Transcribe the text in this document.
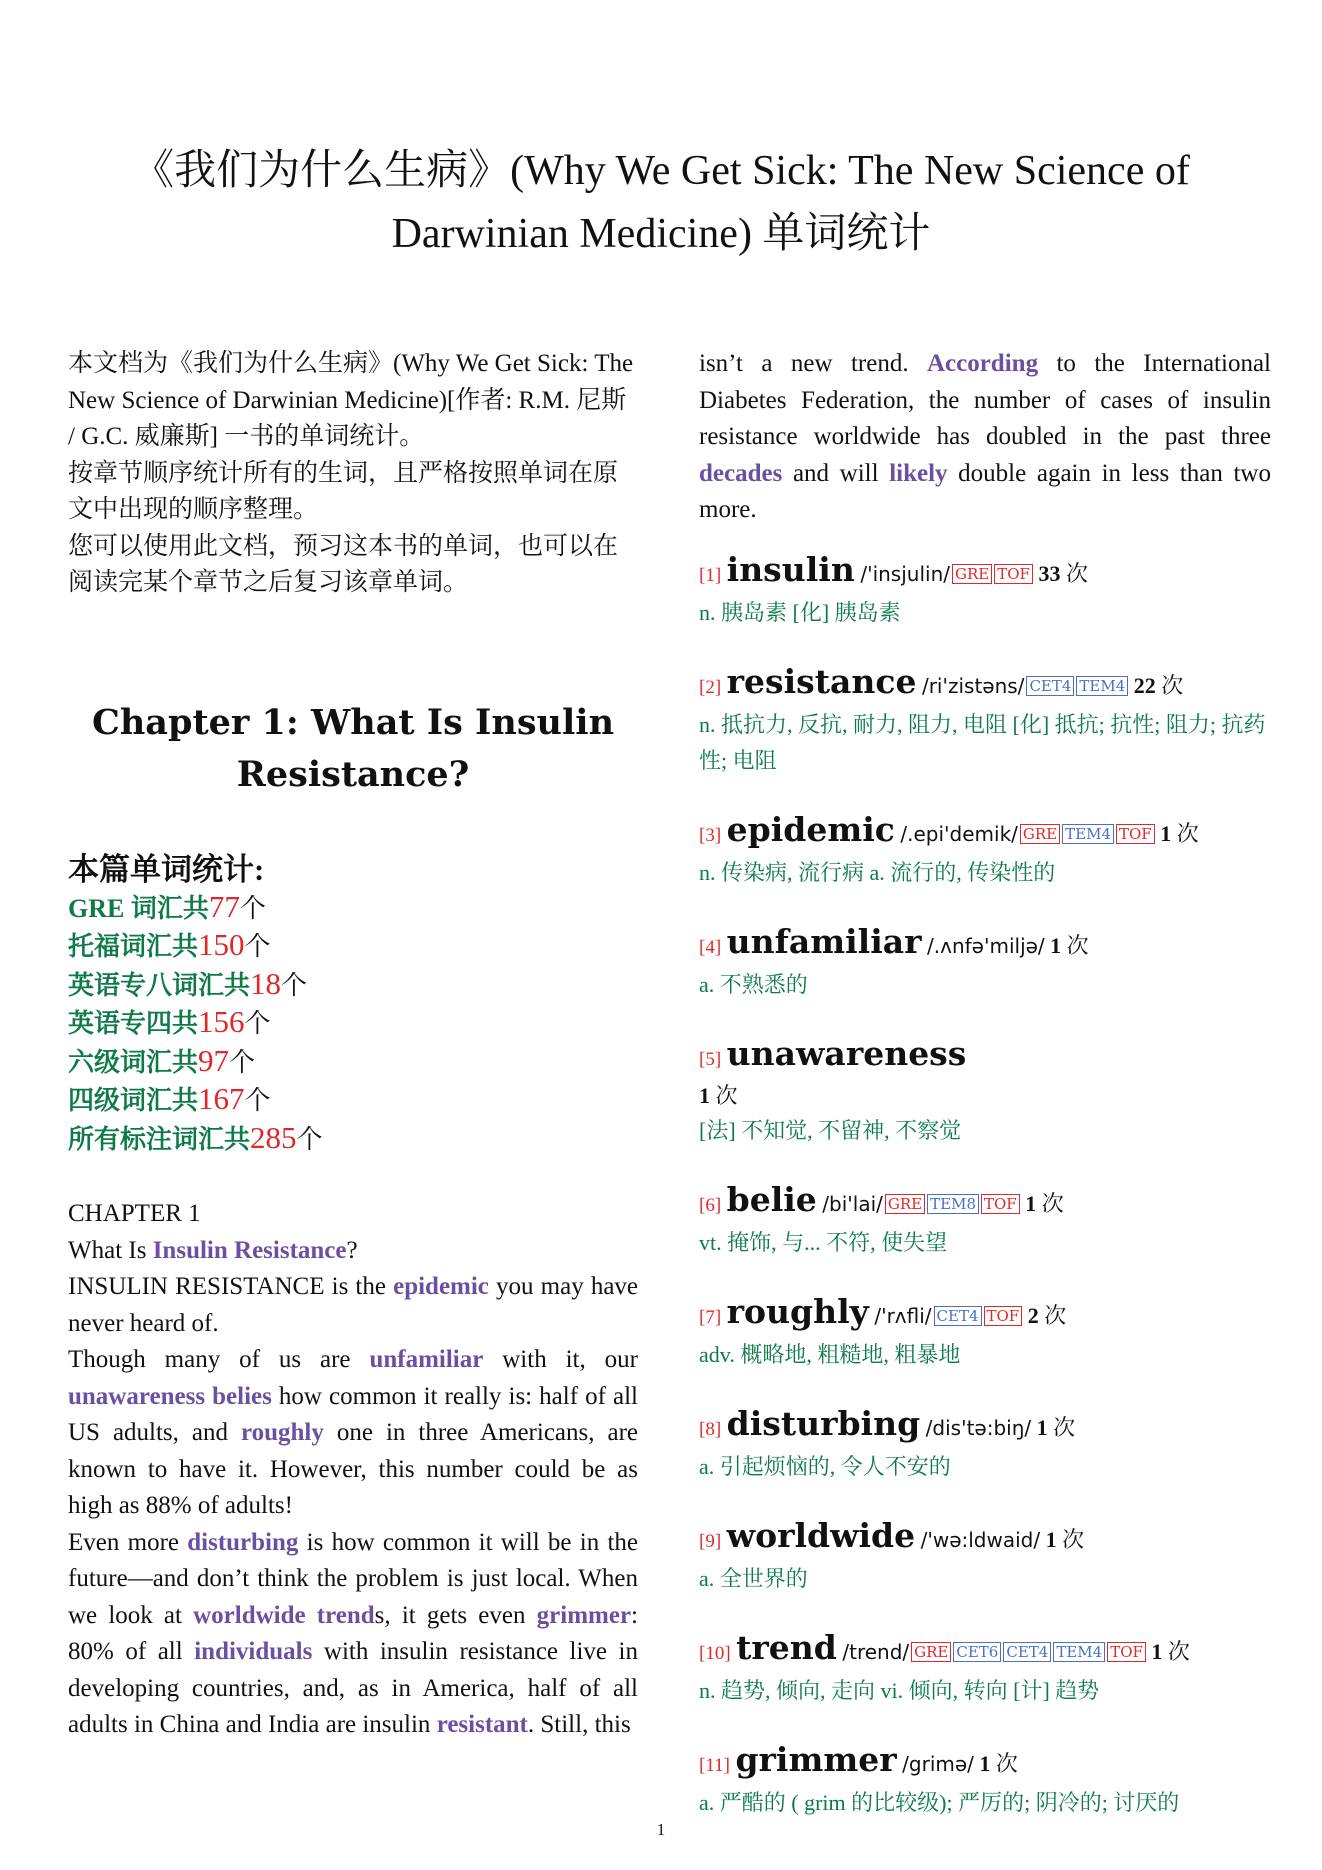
《我们为什么生病》(Why We Get Sick: The New Science of Darwinian Medicine) 单词统计

本文档为《我们为什么生病》(Why We Get Sick: The New Science of Darwinian Medicine)[作者: R.M. 尼斯 / G.C. 威廉斯] 一书的单词统计。

按章节顺序统计所有的生词，且严格按照单词在原文中出现的顺序整理。

您可以使用此文档，预习这本书的单词，也可以在阅读完某个章节之后复习该章单词。

Chapter 1: What Is Insulin Resistance?
本篇单词统计:
GRE 词汇共77个
托福词汇共150个
英语专八词汇共18个
英语专四共156个
六级词汇共97个
四级词汇共167个
所有标注词汇共285个

CHAPTER 1

What Is Insulin Resistance?

INSULIN RESISTANCE is the epidemic you may have never heard of.

Though many of us are unfamiliar with it, our unawareness belies how common it really is: half of all US adults, and roughly one in three Americans, are known to have it. However, this number could be as high as 88% of adults!

Even more disturbing is how common it will be in the future—and don’t think the problem is just local. When we look at worldwide trends, it gets even grimmer: 80% of all individuals with insulin resistance live in developing countries, and, as in America, half of all adults in China and India are insulin resistant. Still, this

isn’t a new trend. According to the International Diabetes Federation, the number of cases of insulin resistance worldwide has doubled in the past three decades and will likely double again in less than two more.
[1] insulin /'insjulin/ GRE TOF 33 次
n. 胰岛素 [化] 胰岛素
[2] resistance /ri'zistəns/ CET4 TEM4 22 次
n. 抵抗力, 反抗, 耐力, 阻力, 电阻 [化] 抵抗; 抗性; 阻力; 抗药性; 电阻
[3] epidemic /.epi'demik/ GRE TEM4 TOF 1 次
n. 传染病, 流行病 a. 流行的, 传染性的
[4] unfamiliar /.ʌnfə'miljə/ 1 次
a. 不熟悉的
[5] unawareness
1 次
[法] 不知觉, 不留神, 不察觉
[6] belie /bi'lai/ GRE TEM8 TOF 1 次
vt. 掩饰, 与... 不符, 使失望
[7] roughly /'rʌfli/ CET4 TOF 2 次
adv. 概略地, 粗糙地, 粗暴地
[8] disturbing /dis'tə:biŋ/ 1 次
a. 引起烦恼的, 令人不安的
[9] worldwide /'wə:ldwaid/ 1 次
a. 全世界的
[10] trend /trend/ GRE CET6 CET4 TEM4 TOF 1 次
n. 趋势, 倾向, 走向 vi. 倾向, 转向 [计] 趋势
[11] grimmer /grimə/ 1 次
a. 严酷的 ( grim 的比较级); 严厉的; 阴冷的; 讨厌的
1
